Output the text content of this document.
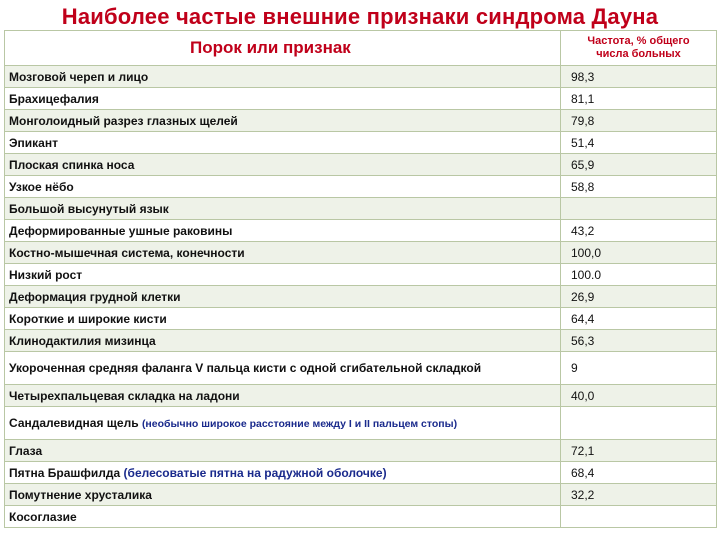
Наиболее частые внешние признаки синдрома Дауна
Порок или признак	Частота, % общего
числа больных
Мозговой череп и лицо	98,3
Брахицефалия	81,1
Монголоидный разрез глазных щелей	79,8
Эпикант	51,4
Плоская спинка носа	65,9
Узкое нёбо	58,8
Большой высунутый язык	
Деформированные ушные раковины	43,2
Костно-мышечная система, конечности	100,0
Низкий рост	100.0
Деформация грудной клетки	26,9
Короткие и широкие кисти	64,4
Клинодактилия мизинца	56,3
Укороченная средняя фаланга V пальца кисти с одной сгибательной складкой	9
Четырехпальцевая складка на ладони	40,0
Сандалевидная щель (необычно широкое расстояние между I и II пальцем стопы)	
Глаза	72,1
Пятна Брашфилда (белесоватые пятна на радужной оболочке)	68,4
Помутнение хрусталика	32,2
Косоглазие	
